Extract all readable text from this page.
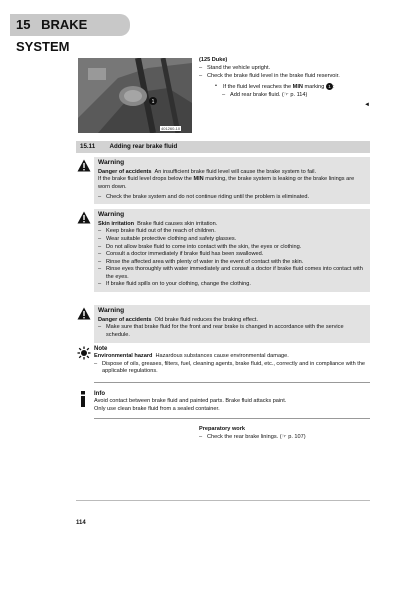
15 BRAKE SYSTEM
1
401260-10
(125 Duke)
– Stand the vehicle upright.
– Check the brake fluid level in the brake fluid reservoir.
• If the fluid level reaches the MIN marking 1 :
– Add rear brake fluid. (☞ p. 114)
◄
15.11 Adding rear brake fluid
Warning

Danger of accidents An insufficient brake fluid level will cause the brake system to fail.

If the brake fluid level drops below the MIN marking, the brake system is leaking or the brake linings are worn down.

– Check the brake system and do not continue riding until the problem is eliminated.
Warning

Skin irritation Brake fluid causes skin irritation.

– Keep brake fluid out of the reach of children.
– Wear suitable protective clothing and safety glasses.
– Do not allow brake fluid to come into contact with the skin, the eyes or clothing.
– Consult a doctor immediately if brake fluid has been swallowed.
– Rinse the affected area with plenty of water in the event of contact with the skin.
– Rinse eyes thoroughly with water immediately and consult a doctor if brake fluid comes into contact with the eyes.
– If brake fluid spills on to your clothing, change the clothing.
Warning

Danger of accidents Old brake fluid reduces the braking effect.

– Make sure that brake fluid for the front and rear brake is changed in accordance with the service schedule.
Note

Environmental hazard Hazardous substances cause environmental damage.

– Dispose of oils, greases, filters, fuel, cleaning agents, brake fluid, etc., correctly and in compliance with the applicable regulations.
Info
Avoid contact between brake fluid and painted parts. Brake fluid attacks paint.
Only use clean brake fluid from a sealed container.
Preparatory work
– Check the rear brake linings. (☞ p. 107)
114
